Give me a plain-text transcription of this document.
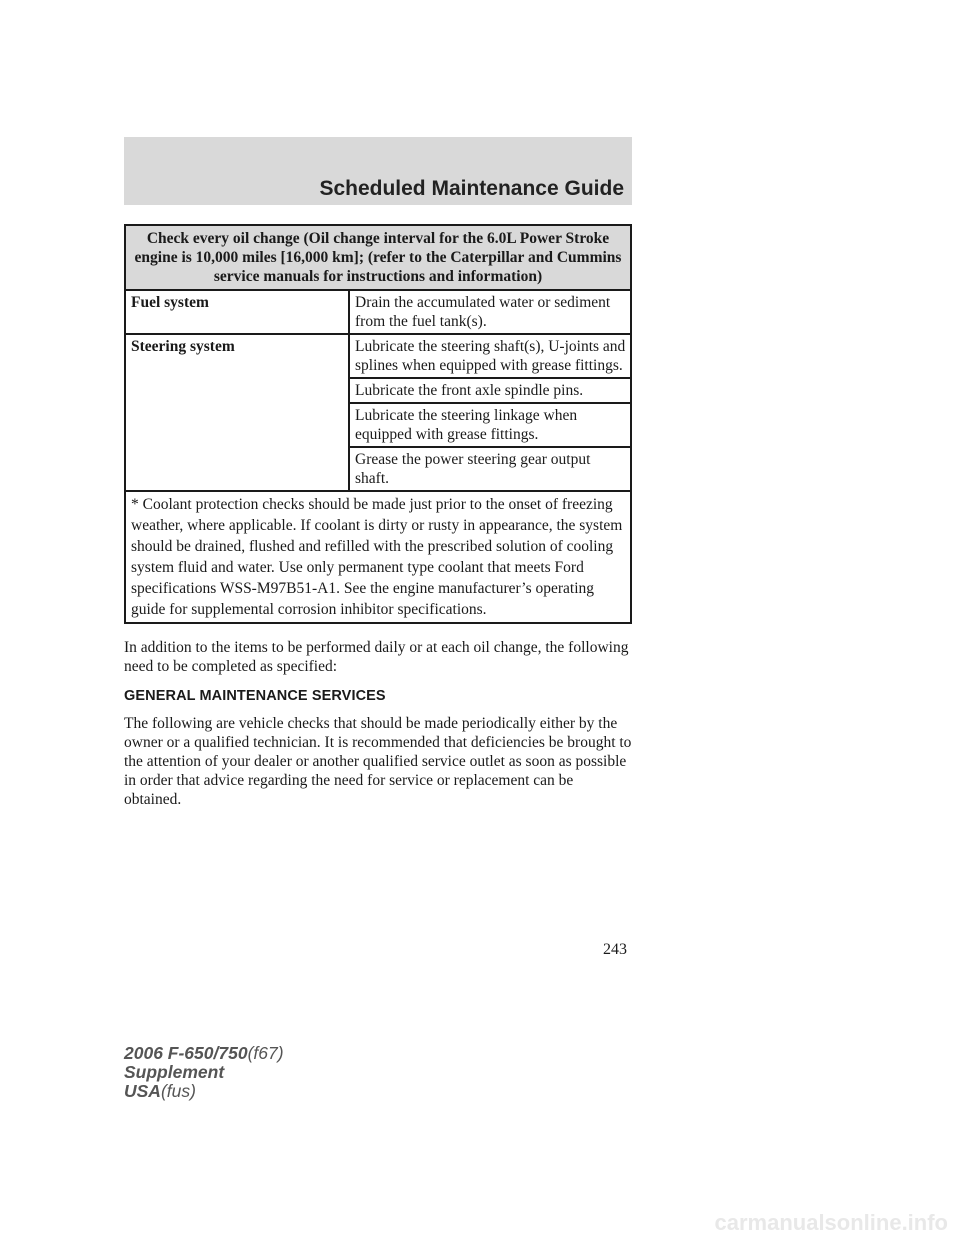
Scheduled Maintenance Guide
Check every oil change (Oil change interval for the 6.0L Power Stroke engine is 10,000 miles [16,000 km]; (refer to the Caterpillar and Cummins service manuals for instructions and information)	
Fuel system	Drain the accumulated water or sediment from the fuel tank(s).
Steering system	Lubricate the steering shaft(s), U-joints and splines when equipped with grease fittings.
	Lubricate the front axle spindle pins.
	Lubricate the steering linkage when equipped with grease fittings.
	Grease the power steering gear output shaft.
* Coolant protection checks should be made just prior to the onset of freezing weather, where applicable. If coolant is dirty or rusty in appearance, the system should be drained, flushed and refilled with the prescribed solution of cooling system fluid and water. Use only permanent type coolant that meets Ford specifications WSS-M97B51-A1. See the engine manufacturer’s operating guide for supplemental corrosion inhibitor specifications.	
In addition to the items to be performed daily or at each oil change, the following need to be completed as specified:
GENERAL MAINTENANCE SERVICES
The following are vehicle checks that should be made periodically either by the owner or a qualified technician. It is recommended that deficiencies be brought to the attention of your dealer or another qualified service outlet as soon as possible in order that advice regarding the need for service or replacement can be obtained.
243
2006 F-650/750(f67)
Supplement
USA(fus)
carmanualsonline.info
